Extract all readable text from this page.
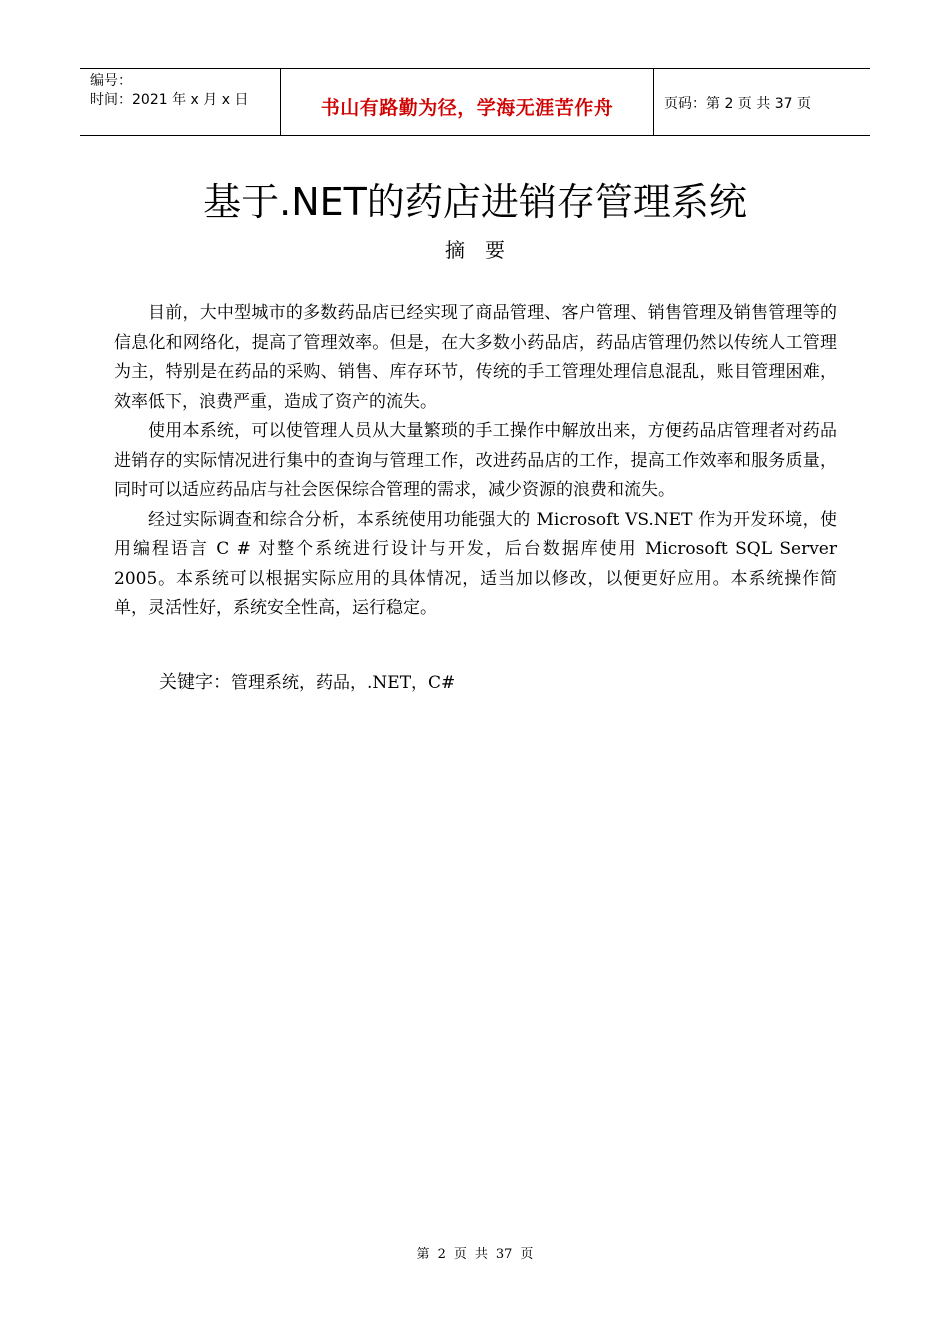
编号：
时间：2021 年 x 月 x 日	书山有路勤为径，学海无涯苦作舟	页码：第 2 页 共 37 页
基于.NET的药店进销存管理系统
摘要

目前，大中型城市的多数药品店已经实现了商品管理、客户管理、销售管理及销售管理等的信息化和网络化，提高了管理效率。但是，在大多数小药品店，药品店管理仍然以传统人工管理为主，特别是在药品的采购、销售、库存环节，传统的手工管理处理信息混乱，账目管理困难，效率低下，浪费严重，造成了资产的流失。

使用本系统，可以使管理人员从大量繁琐的手工操作中解放出来，方便药品店管理者对药品进销存的实际情况进行集中的查询与管理工作，改进药品店的工作，提高工作效率和服务质量，同时可以适应药品店与社会医保综合管理的需求，减少资源的浪费和流失。

经过实际调查和综合分析，本系统使用功能强大的 Microsoft VS.NET 作为开发环境，使用编程语言 C # 对整个系统进行设计与开发，后台数据库使用 Microsoft SQL Server 2005。本系统可以根据实际应用的具体情况，适当加以修改，以便更好应用。本系统操作简单，灵活性好，系统安全性高，运行稳定。

关键字：管理系统，药品，.NET，C#
第 2 页 共 37 页
